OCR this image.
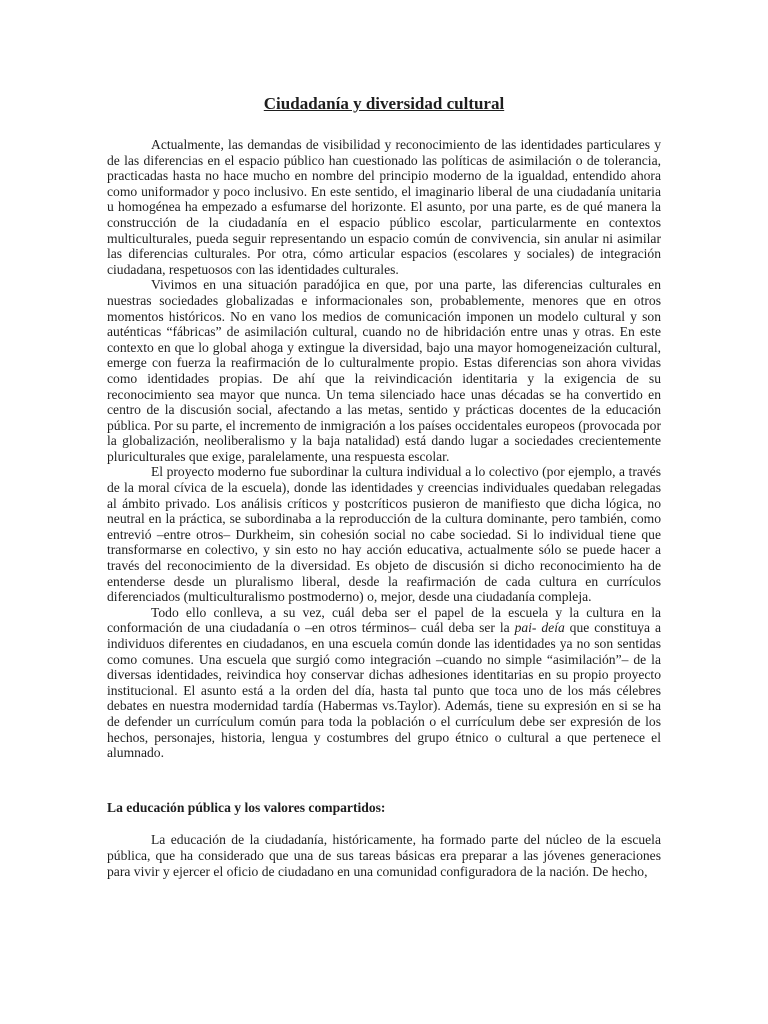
Ciudadanía y diversidad cultural

Actualmente, las demandas de visibilidad y reconocimiento de las identidades particulares y de las diferencias en el espacio público han cuestionado las políticas de asimilación o de tolerancia, practicadas hasta no hace mucho en nombre del principio moderno de la igualdad, entendido ahora como uniformador y poco inclusivo. En este sentido, el imaginario liberal de una ciudadanía unitaria u homogénea ha empezado a esfumarse del horizonte. El asunto, por una parte, es de qué manera la construcción de la ciudadanía en el espacio público escolar, particularmente en contextos multiculturales, pueda seguir representando un espacio común de convivencia, sin anular ni asimilar las diferencias culturales. Por otra, cómo articular espacios (escolares y sociales) de integración ciudadana, respetuosos con las identidades culturales.

Vivimos en una situación paradójica en que, por una parte, las diferencias culturales en nuestras sociedades globalizadas e informacionales son, probablemente, menores que en otros momentos históricos. No en vano los medios de comunicación imponen un modelo cultural y son auténticas “fábricas” de asimilación cultural, cuando no de hibridación entre unas y otras. En este contexto en que lo global ahoga y extingue la diversidad, bajo una mayor homogeneización cultural, emerge con fuerza la reafirmación de lo culturalmente propio. Estas diferencias son ahora vividas como identidades propias. De ahí que la reivindicación identitaria y la exigencia de su reconocimiento sea mayor que nunca. Un tema silenciado hace unas décadas se ha convertido en centro de la discusión social, afectando a las metas, sentido y prácticas docentes de la educación pública. Por su parte, el incremento de inmigración a los países occidentales europeos (provocada por la globalización, neoliberalismo y la baja natalidad) está dando lugar a sociedades crecientemente pluriculturales que exige, paralelamente, una respuesta escolar.

El proyecto moderno fue subordinar la cultura individual a lo colectivo (por ejemplo, a través de la moral cívica de la escuela), donde las identidades y creencias individuales quedaban relegadas al ámbito privado. Los análisis críticos y postcríticos pusieron de manifiesto que dicha lógica, no neutral en la práctica, se subordinaba a la reproducción de la cultura dominante, pero también, como entrevió –entre otros– Durkheim, sin cohesión social no cabe sociedad. Si lo individual tiene que transformarse en colectivo, y sin esto no hay acción educativa, actualmente sólo se puede hacer a través del reconocimiento de la diversidad. Es objeto de discusión si dicho reconocimiento ha de entenderse desde un pluralismo liberal, desde la reafirmación de cada cultura en currículos diferenciados (multiculturalismo postmoderno) o, mejor, desde una ciudadanía compleja.

Todo ello conlleva, a su vez, cuál deba ser el papel de la escuela y la cultura en la conformación de una ciudadanía o –en otros términos– cuál deba ser la pai- deía que constituya a individuos diferentes en ciudadanos, en una escuela común donde las identidades ya no son sentidas como comunes. Una escuela que surgió como integración –cuando no simple “asimilación”– de la diversas identidades, reivindica hoy conservar dichas adhesiones identitarias en su propio proyecto institucional. El asunto está a la orden del día, hasta tal punto que toca uno de los más célebres debates en nuestra modernidad tardía (Habermas vs.Taylor). Además, tiene su expresión en si se ha de defender un currículum común para toda la población o el currículum debe ser expresión de los hechos, personajes, historia, lengua y costumbres del grupo étnico o cultural a que pertenece el alumnado.

La educación pública y los valores compartidos:

La educación de la ciudadanía, históricamente, ha formado parte del núcleo de la escuela pública, que ha considerado que una de sus tareas básicas era preparar a las jóvenes generaciones para vivir y ejercer el oficio de ciudadano en una comunidad configuradora de la nación. De hecho,
